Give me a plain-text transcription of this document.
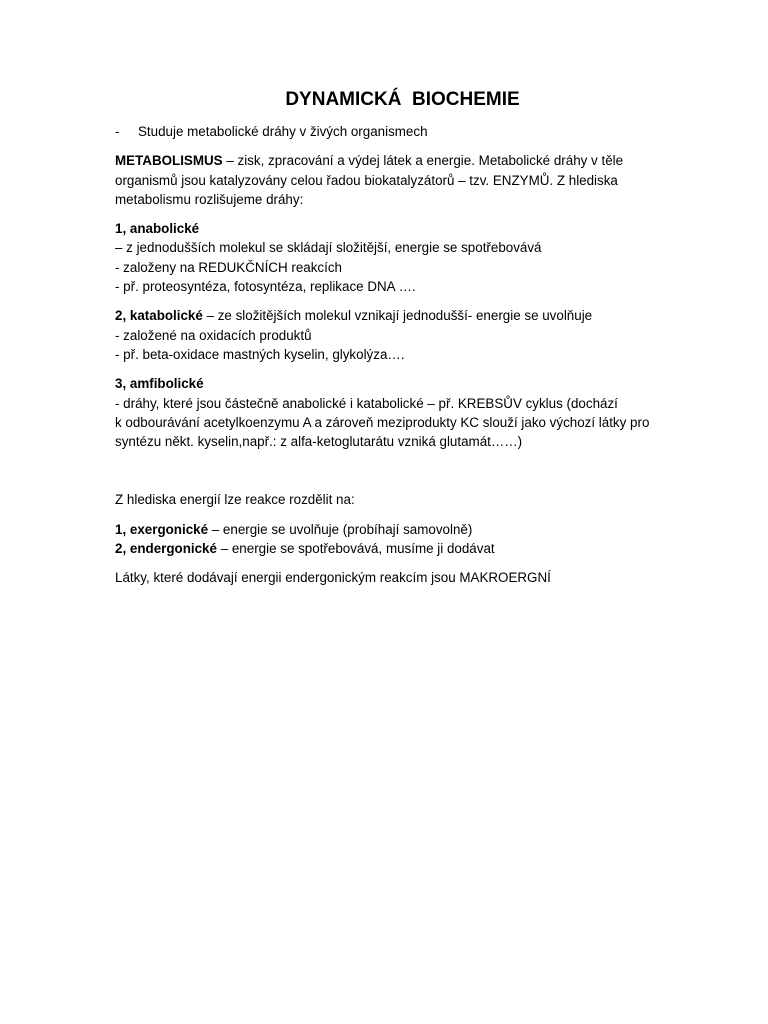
DYNAMICKÁ  BIOCHEMIE
-	Studuje metabolické dráhy v živých organismech

METABOLISMUS – zisk, zpracování a výdej látek a energie. Metabolické dráhy v těle
organismů jsou katalyzovány celou řadou biokatalyzátorů – tzv. ENZYMŮ. Z hlediska
metabolismu rozlišujeme dráhy:

1, anabolické
– z jednodušších molekul se skládají složitější, energie se spotřebovává
- založeny na REDUKČNÍCH reakcích
- př. proteosyntéza, fotosyntéza, replikace DNA ….

2, katabolické – ze složitějších molekul vznikají jednodušší- energie se uvolňuje
- založené na oxidacích produktů
- př. beta-oxidace mastných kyselin, glykolýza….

3, amfibolické
- dráhy, které jsou částečně anabolické i katabolické – př. KREBSŮV cyklus (dochází
k odbourávání acetylkoenzymu A a zároveň meziprodukty KC slouží jako výchozí látky pro
syntézu někt. kyselin,např.: z alfa-ketoglutarátu vzniká glutamát……)

Z hlediska energií lze reakce rozdělit na:

1, exergonické – energie se uvolňuje (probíhají samovolně)
2, endergonické – energie se spotřebovává, musíme ji dodávat

Látky, které dodávají energii endergonickým reakcím jsou MAKROERGNÍ
